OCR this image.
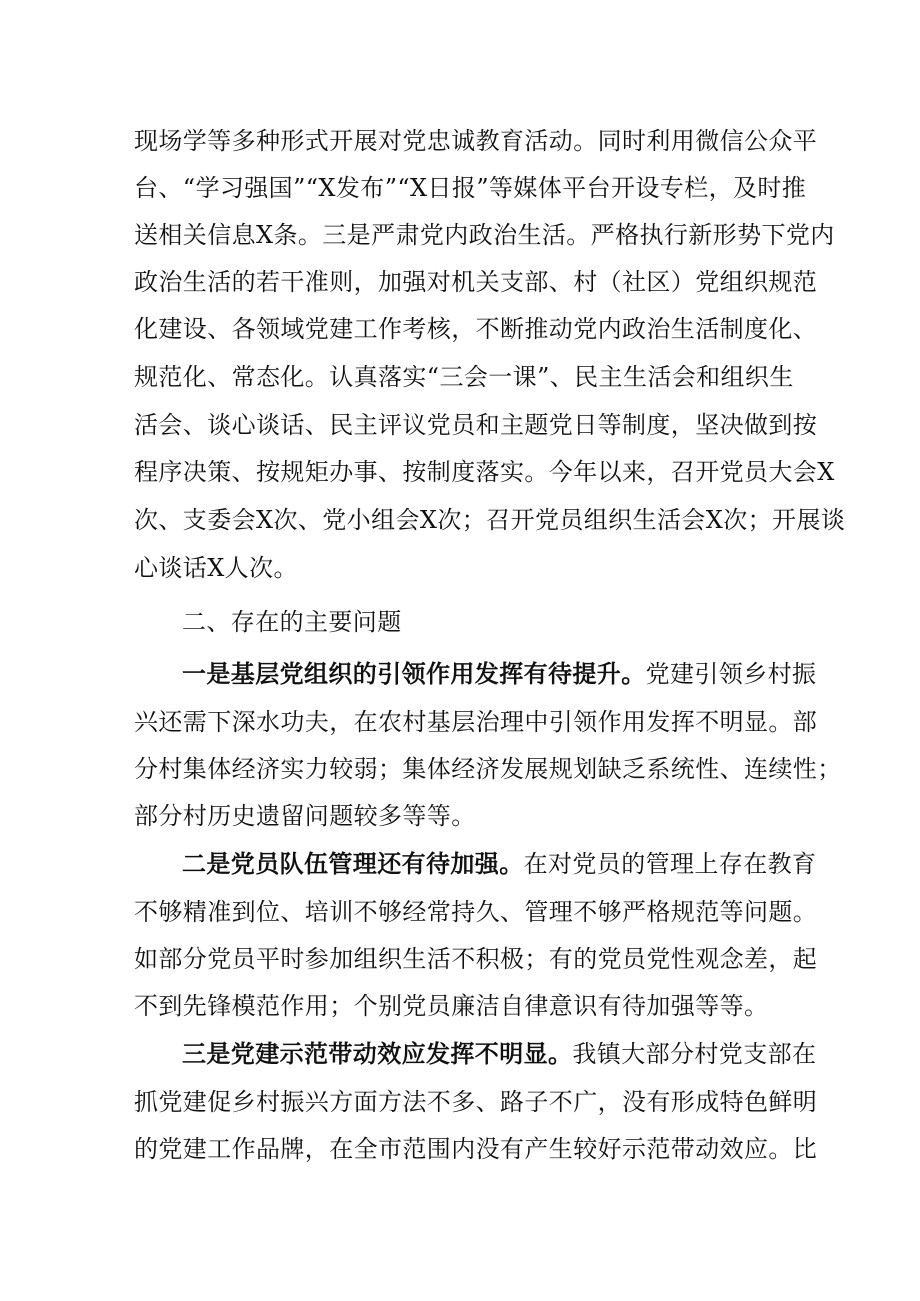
现场学等多种形式开展对党忠诚教育活动。同时利用微信公众平
台、“学习强国”“X发布”“X日报”等媒体平台开设专栏，及时推
送相关信息X条。三是严肃党内政治生活。严格执行新形势下党内
政治生活的若干准则，加强对机关支部、村（社区）党组织规范
化建设、各领域党建工作考核，不断推动党内政治生活制度化、
规范化、常态化。认真落实“三会一课”、民主生活会和组织生
活会、谈心谈话、民主评议党员和主题党日等制度，坚决做到按
程序决策、按规矩办事、按制度落实。今年以来，召开党员大会X
次、支委会X次、党小组会X次；召开党员组织生活会X次；开展谈
心谈话X人次。
二、存在的主要问题
一是基层党组织的引领作用发挥有待提升。党建引领乡村振
兴还需下深水功夫，在农村基层治理中引领作用发挥不明显。部
分村集体经济实力较弱；集体经济发展规划缺乏系统性、连续性；
部分村历史遗留问题较多等等。
二是党员队伍管理还有待加强。在对党员的管理上存在教育
不够精准到位、培训不够经常持久、管理不够严格规范等问题。
如部分党员平时参加组织生活不积极；有的党员党性观念差，起
不到先锋模范作用；个别党员廉洁自律意识有待加强等等。
三是党建示范带动效应发挥不明显。我镇大部分村党支部在
抓党建促乡村振兴方面方法不多、路子不广，没有形成特色鲜明
的党建工作品牌，在全市范围内没有产生较好示范带动效应。比
